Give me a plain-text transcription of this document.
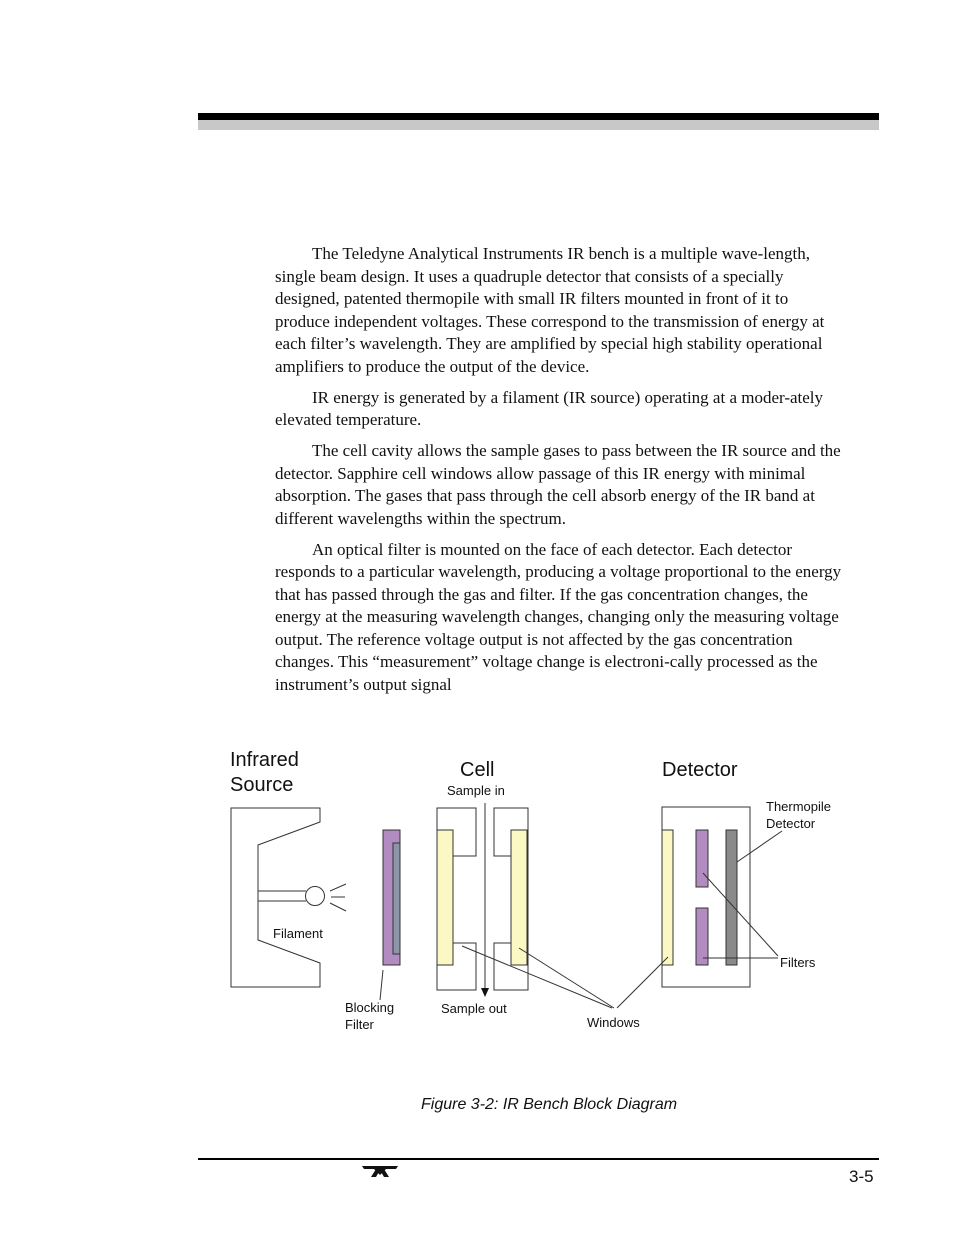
The Teledyne Analytical Instruments IR bench is a multiple wave-length, single beam design. It uses a quadruple detector that consists of a specially designed, patented thermopile with small IR filters mounted in front of it to produce independent voltages. These correspond to the transmission of energy at each filter’s wavelength. They are amplified by special high stability operational amplifiers to produce the output of the device.

IR energy is generated by a filament (IR source) operating at a moder-ately elevated temperature.

The cell cavity allows the sample gases to pass between the IR source and the detector. Sapphire cell windows allow passage of this IR energy with minimal absorption. The gases that pass through the cell absorb energy of the IR band at different wavelengths within the spectrum.

An optical filter is mounted on the face of each detector. Each detector responds to a particular wavelength, producing a voltage proportional to the energy that has passed through the gas and filter. If the gas concentration changes, the energy at the measuring wavelength changes, changing only the measuring voltage output. The reference voltage output is not affected by the gas concentration changes. This “measurement” voltage change is electroni-cally processed as the instrument’s output signal

Infrared
Source
Cell
Sample in
Detector
Thermopile
Detector
Filament
Filters
Blocking
Filter
Sample out
Windows
Figure 3-2: IR Bench Block Diagram
3-5
